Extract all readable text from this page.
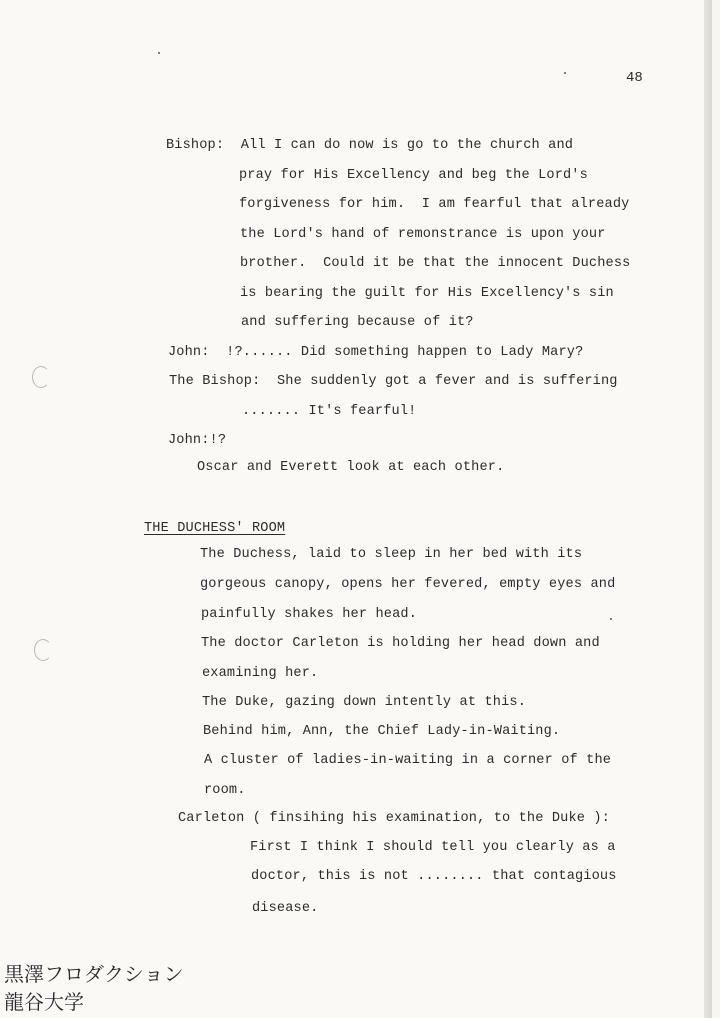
48
Bishop:  All I can do now is go to the church and
pray for His Excellency and beg the Lord's
forgiveness for him.  I am fearful that already
the Lord's hand of remonstrance is upon your
brother.  Could it be that the innocent Duchess
is bearing the guilt for His Excellency's sin
and suffering because of it?
John:  !?...... Did something happen to Lady Mary?
The Bishop:  She suddenly got a fever and is suffering
....... It's fearful!
John:!?
Oscar and Everett look at each other.
THE DUCHESS' ROOM
The Duchess, laid to sleep in her bed with its
gorgeous canopy, opens her fevered, empty eyes and
painfully shakes her head.
The doctor Carleton is holding her head down and
examining her.
The Duke, gazing down intently at this.
Behind him, Ann, the Chief Lady-in-Waiting.
A cluster of ladies-in-waiting in a corner of the
room.
Carleton ( finsihing his examination, to the Duke ):
First I think I should tell you clearly as a
doctor, this is not ........ that contagious
disease.
黒澤フロダクション
龍谷大学
